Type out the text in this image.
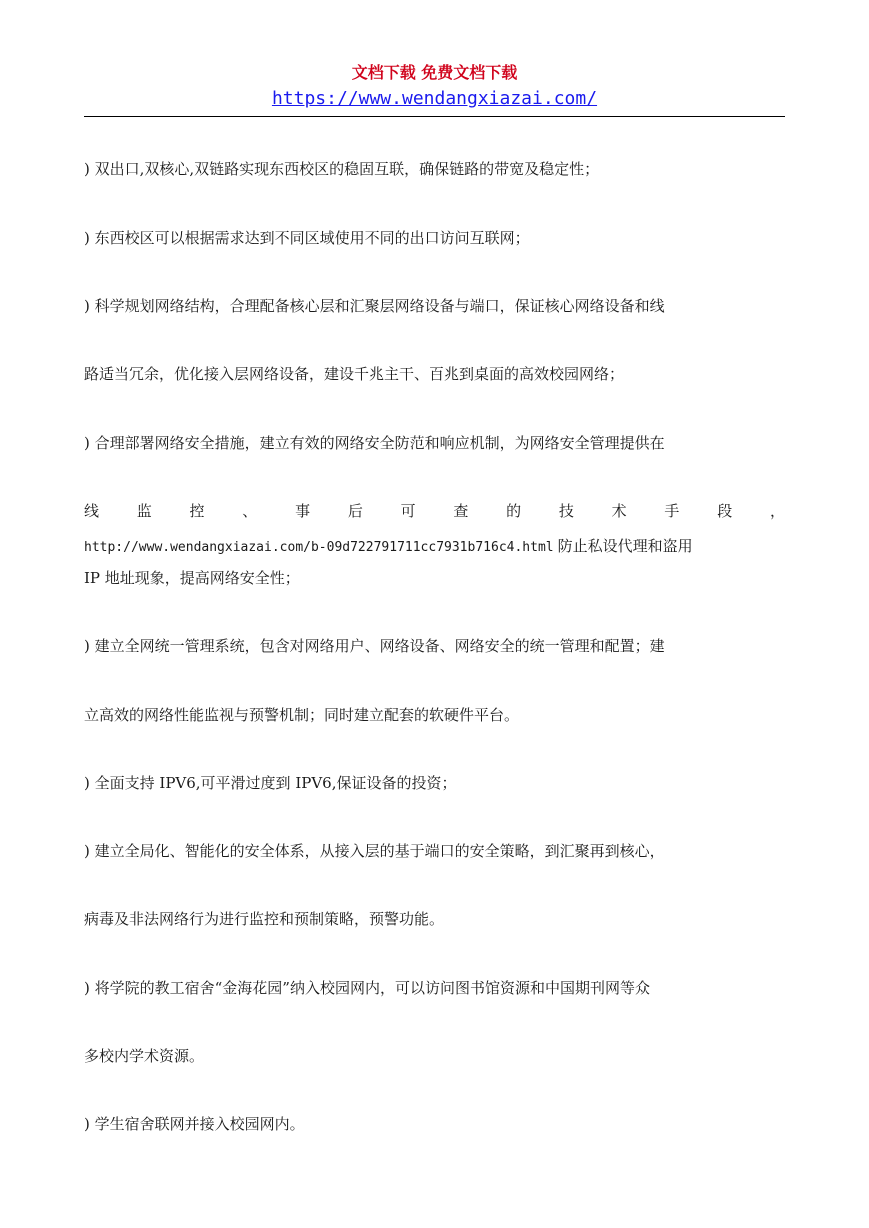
文档下载 免费文档下载
https://www.wendangxiazai.com/
) 双出口,双核心,双链路实现东西校区的稳固互联，确保链路的带宽及稳定性；
) 东西校区可以根据需求达到不同区域使用不同的出口访问互联网；
) 科学规划网络结构，合理配备核心层和汇聚层网络设备与端口，保证核心网络设备和线
路适当冗余，优化接入层网络设备，建设千兆主干、百兆到桌面的高效校园网络；
) 合理部署网络安全措施，建立有效的网络安全防范和响应机制，为网络安全管理提供在
线	监	控	、	事	后	可	查	的	技	术	手	段	，
http://www.wendangxiazai.com/b-09d722791711cc7931b716c4.html 防止私设代理和盗用
IP 地址现象，提高网络安全性；
) 建立全网统一管理系统，包含对网络用户、网络设备、网络安全的统一管理和配置；建
立高效的网络性能监视与预警机制；同时建立配套的软硬件平台。
) 全面支持 IPV6,可平滑过度到 IPV6,保证设备的投资；
) 建立全局化、智能化的安全体系，从接入层的基于端口的安全策略，到汇聚再到核心，
病毒及非法网络行为进行监控和预制策略，预警功能。
) 将学院的教工宿舍“金海花园”纳入校园网内，可以访问图书馆资源和中国期刊网等众
多校内学术资源。
) 学生宿舍联网并接入校园网内。
